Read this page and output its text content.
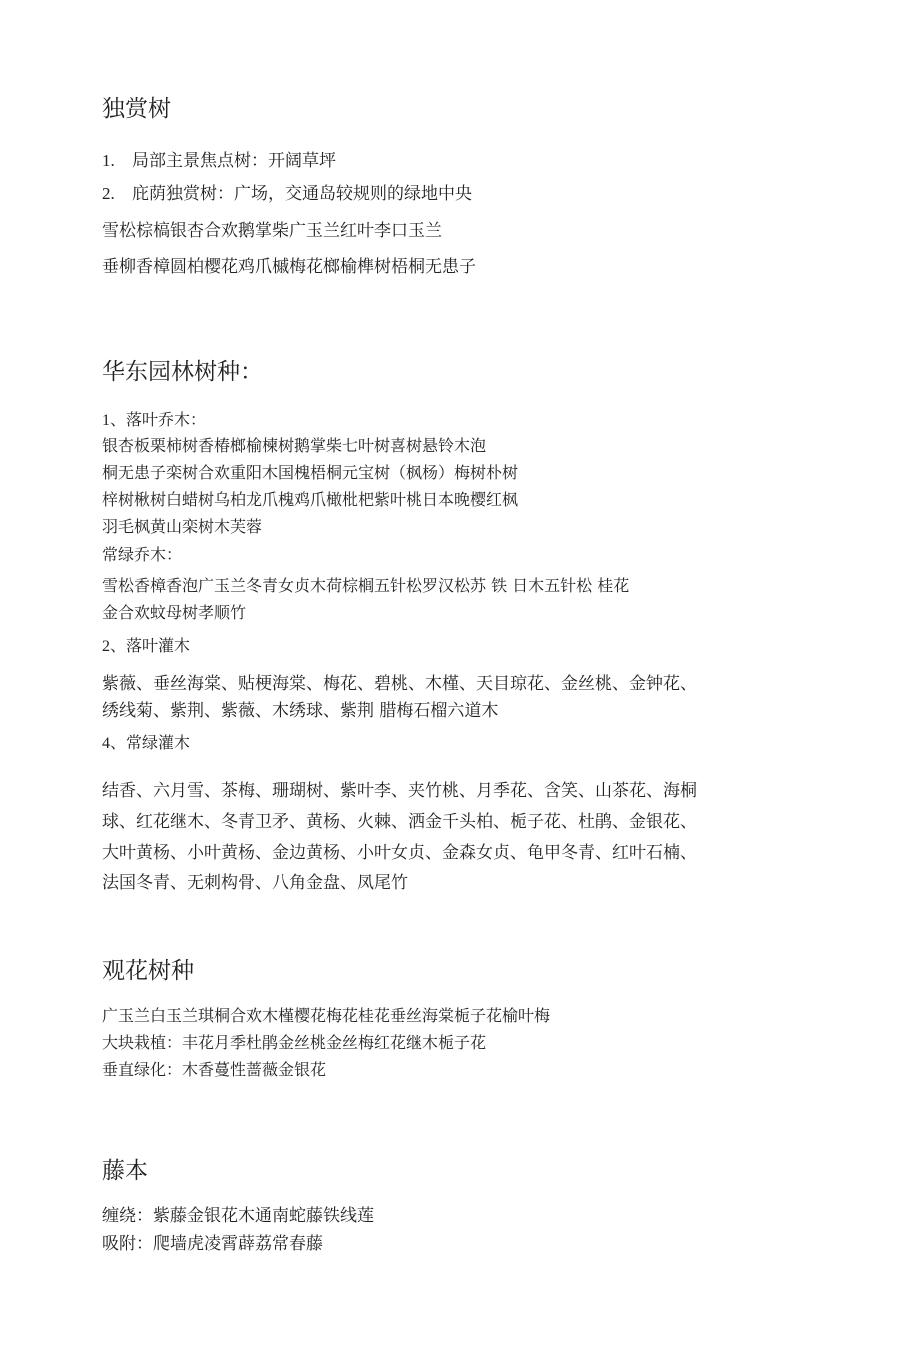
独赏树
1. 局部主景焦点树：开阔草坪
2. 庇荫独赏树：广场，交通岛较规则的绿地中央
雪松棕槁银杏合欢鹅掌柴广玉兰红叶李口玉兰
垂柳香樟圆柏樱花鸡爪槭梅花榔榆榫树梧桐无患子
华东园林树种：
1、落叶乔木：
银杏板栗柿树香椿榔榆楝树鹅掌柴七叶树喜树悬铃木泡
桐无患子栾树合欢重阳木国槐梧桐元宝树（枫杨）梅树朴树
梓树楸树白蜡树乌柏龙爪槐鸡爪橄枇杷紫叶桃日本晚樱红枫
羽毛枫黄山栾树木芙蓉
常绿乔木：
雪松香樟香泡广玉兰冬青女贞木荷棕榈五针松罗汉松苏 铁 日木五针松 桂花
金合欢蚊母树孝顺竹
2、落叶灌木
紫薇、垂丝海棠、贴梗海棠、梅花、碧桃、木槿、天目琼花、金丝桃、金钟花、
绣线菊、紫荆、紫薇、木绣球、紫荆 腊梅石榴六道木
4、常绿灌木
结香、六月雪、茶梅、珊瑚树、紫叶李、夹竹桃、月季花、含笑、山茶花、海桐
球、红花继木、冬青卫矛、黄杨、火棘、洒金千头柏、栀子花、杜鹃、金银花、
大叶黄杨、小叶黄杨、金边黄杨、小叶女贞、金森女贞、龟甲冬青、红叶石楠、
法国冬青、无刺构骨、八角金盘、凤尾竹
观花树种
广玉兰白玉兰琪桐合欢木槿樱花梅花桂花垂丝海棠栀子花榆叶梅
大块栽植：丰花月季杜鹃金丝桃金丝梅红花继木栀子花
垂直绿化：木香蔓性蔷薇金银花
藤本
缠绕：紫藤金银花木通南蛇藤铁线莲
吸附：爬墙虎凌霄薜荔常春藤
